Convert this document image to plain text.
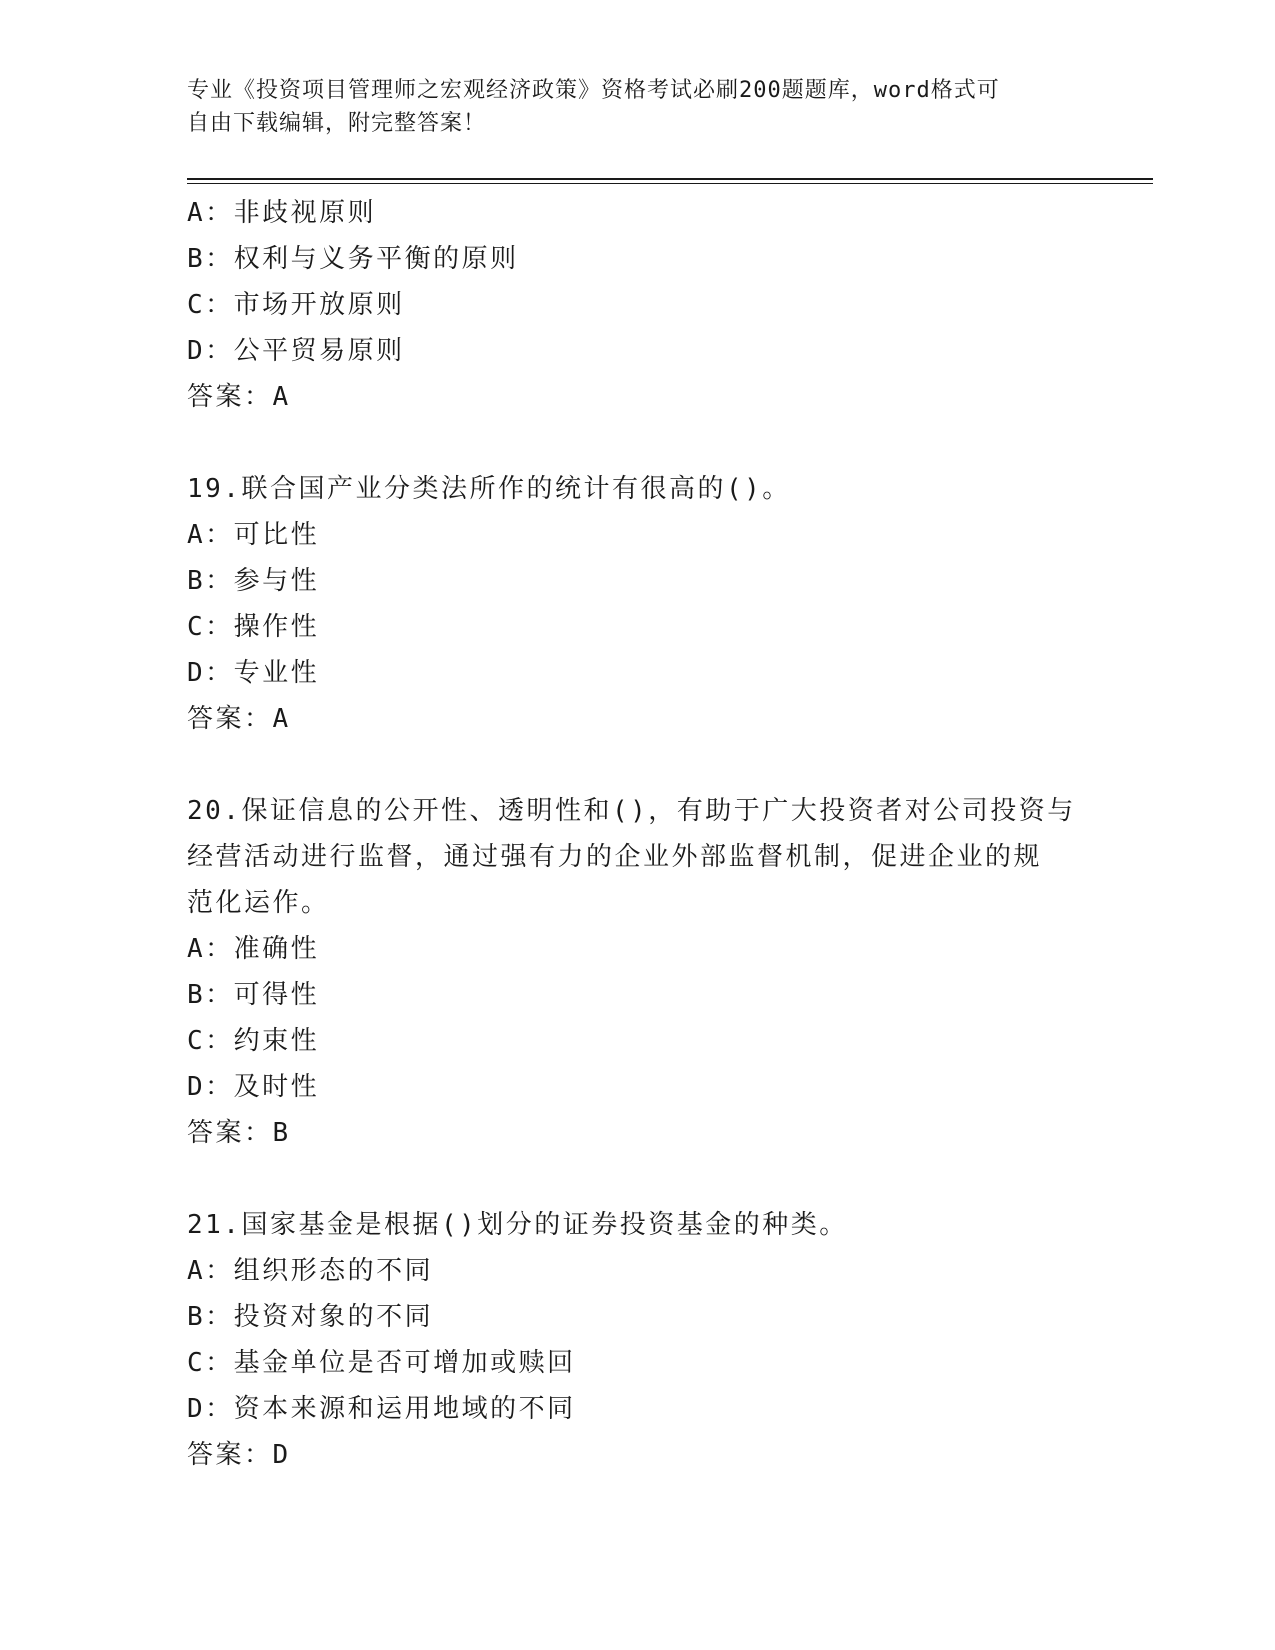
专业《投资项目管理师之宏观经济政策》资格考试必刷200题题库，word格式可
自由下载编辑，附完整答案！
A：非歧视原则
B：权利与义务平衡的原则
C：市场开放原则
D：公平贸易原则
答案：A
19.联合国产业分类法所作的统计有很高的()。
A：可比性
B：参与性
C：操作性
D：专业性
答案：A
20.保证信息的公开性、透明性和()，有助于广大投资者对公司投资与
经营活动进行监督，通过强有力的企业外部监督机制，促进企业的规
范化运作。
A：准确性
B：可得性
C：约束性
D：及时性
答案：B
21.国家基金是根据()划分的证券投资基金的种类。
A：组织形态的不同
B：投资对象的不同
C：基金单位是否可增加或赎回
D：资本来源和运用地域的不同
答案：D
